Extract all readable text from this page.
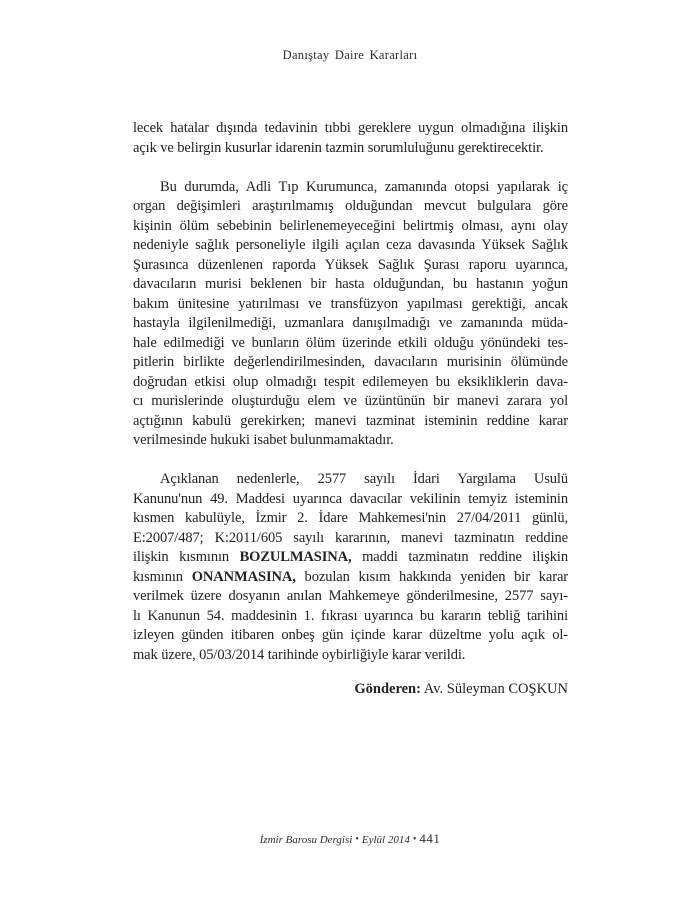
Danıştay Daire Kararları
lecek hatalar dışında tedavinin tıbbi gereklere uygun olmadığına ilişkin
açık ve belirgin kusurlar idarenin tazmin sorumluluğunu gerektirecektir.
Bu durumda, Adli Tıp Kurumunca, zamanında otopsi yapılarak iç
organ değişimleri araştırılmamış olduğundan mevcut bulgulara göre
kişinin ölüm sebebinin belirlenemeyeceğini belirtmiş olması, aynı olay
nedeniyle sağlık personeliyle ilgili açılan ceza davasında Yüksek Sağlık
Şurasınca düzenlenen raporda Yüksek Sağlık Şurası raporu uyarınca,
davacıların murisi beklenen bir hasta olduğundan, bu hastanın yoğun
bakım ünitesine yatırılması ve transfüzyon yapılması gerektiği, ancak
hastayla ilgilenilmediği, uzmanlara danışılmadığı ve zamanında müda-
hale edilmediği ve bunların ölüm üzerinde etkili olduğu yönündeki tes-
pitlerin birlikte değerlendirilmesinden, davacıların murisinin ölümünde
doğrudan etkisi olup olmadığı tespit edilemeyen bu eksikliklerin dava-
cı murislerinde oluşturduğu elem ve üzüntünün bir manevi zarara yol
açtığının kabulü gerekirken; manevi tazminat isteminin reddine karar
verilmesinde hukuki isabet bulunmamaktadır.
Açıklanan nedenlerle, 2577 sayılı İdari Yargılama Usulü
Kanunu'nun 49. Maddesi uyarınca davacılar vekilinin temyiz isteminin
kısmen kabulüyle, İzmir 2. İdare Mahkemesi'nin 27/04/2011 günlü,
E:2007/487; K:2011/605 sayılı kararının, manevi tazminatın reddine
ilişkin kısmının BOZULMASINA, maddi tazminatın reddine ilişkin
kısmının ONANMASINA, bozulan kısım hakkında yeniden bir karar
verilmek üzere dosyanın anılan Mahkemeye gönderilmesine, 2577 sayı-
lı Kanunun 54. maddesinin 1. fıkrası uyarınca bu kararın tebliğ tarihini
izleyen günden itibaren onbeş gün içinde karar düzeltme yolu açık ol-
mak üzere, 05/03/2014 tarihinde oybirliğiyle karar verildi.
Gönderen: Av. Süleyman COŞKUN
İzmir Barosu Dergisi • Eylül 2014 • 441
